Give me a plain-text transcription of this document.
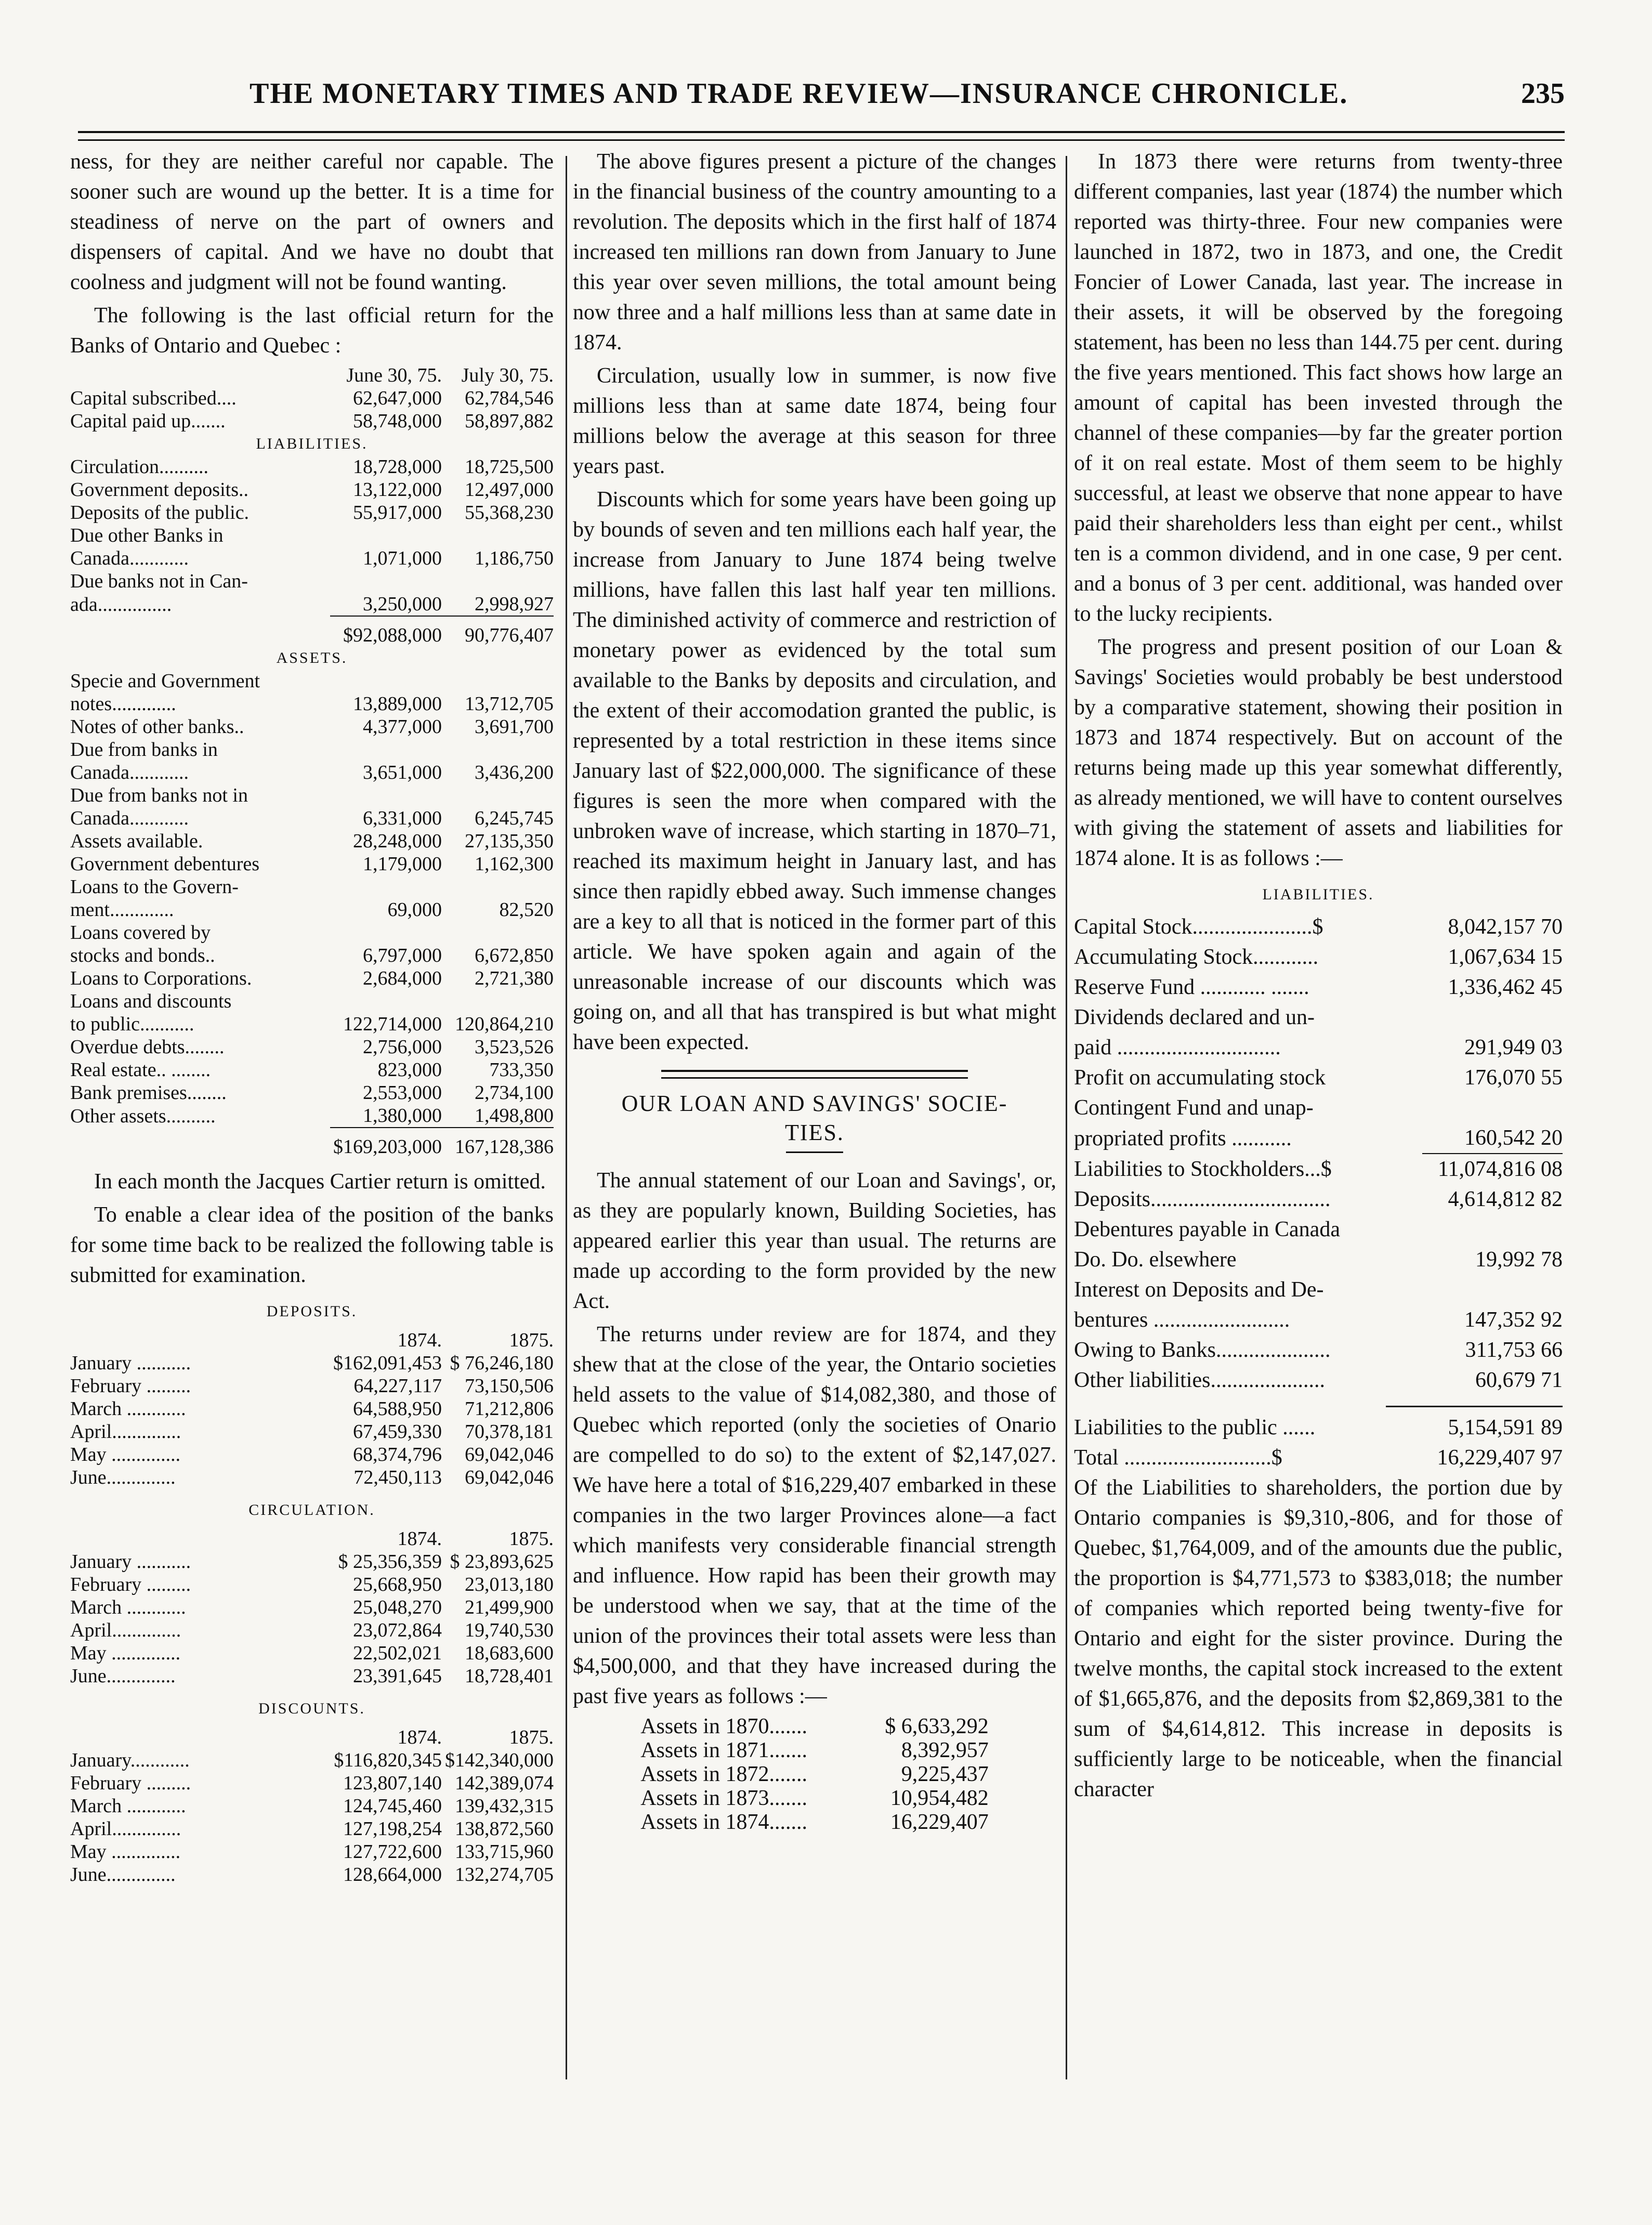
THE MONETARY TIMES AND TRADE REVIEW—INSURANCE CHRONICLE.	235

ness, for they are neither careful nor capable. The sooner such are wound up the better. It is a time for steadiness of nerve on the part of owners and dispensers of capital. And we have no doubt that coolness and judgment will not be found wanting.

The following is the last official return for the Banks of Ontario and Quebec :

	June 30, 75.	July 30, 75.
Capital subscribed....	62,647,000	62,784,546
Capital paid up.......	58,748,000	58,897,882
LIABILITIES.		
Circulation..........	18,728,000	18,725,500
Government deposits..	13,122,000	12,497,000
Deposits of the public.	55,917,000	55,368,230
Due other Banks in		
Canada............	1,071,000	1,186,750
Due banks not in Can-		
ada...............	3,250,000	2,998,927
	$92,088,000	90,776,407
ASSETS.		
Specie and Government		
notes.............	13,889,000	13,712,705
Notes of other banks..	4,377,000	3,691,700
Due from banks in		
Canada............	3,651,000	3,436,200
Due from banks not in		
Canada............	6,331,000	6,245,745
Assets available.	28,248,000	27,135,350
Government debentures	1,179,000	1,162,300
Loans to the Govern-		
ment.............	69,000	82,520
Loans covered by		
stocks and bonds..	6,797,000	6,672,850
Loans to Corporations.	2,684,000	2,721,380
Loans and discounts		
to public...........	122,714,000	120,864,210
Overdue debts........	2,756,000	3,523,526
Real estate.. ........	823,000	733,350
Bank premises........	2,553,000	2,734,100
Other assets..........	1,380,000	1,498,800
	$169,203,000	167,128,386

In each month the Jacques Cartier return is omitted.

To enable a clear idea of the position of the banks for some time back to be realized the following table is submitted for examination.

DEPOSITS.
	1874.	1875.
January ...........	$162,091,453	$ 76,246,180
February .........	64,227,117	73,150,506
March ............	64,588,950	71,212,806
April..............	67,459,330	70,378,181
May ..............	68,374,796	69,042,046
June..............	72,450,113	69,042,046
CIRCULATION.
	1874.	1875.
January ...........	$ 25,356,359	$ 23,893,625
February .........	25,668,950	23,013,180
March ............	25,048,270	21,499,900
April..............	23,072,864	19,740,530
May ..............	22,502,021	18,683,600
June..............	23,391,645	18,728,401
DISCOUNTS.
	1874.	1875.
January............	$116,820,345	$142,340,000
February .........	123,807,140	142,389,074
March ............	124,745,460	139,432,315
April..............	127,198,254	138,872,560
May ..............	127,722,600	133,715,960
June..............	128,664,000	132,274,705

The above figures present a picture of the changes in the financial business of the country amounting to a revolution. The deposits which in the first half of 1874 increased ten millions ran down from January to June this year over seven millions, the total amount being now three and a half millions less than at same date in 1874.

Circulation, usually low in summer, is now five millions less than at same date 1874, being four millions below the average at this season for three years past.

Discounts which for some years have been going up by bounds of seven and ten millions each half year, the increase from January to June 1874 being twelve millions, have fallen this last half year ten millions. The diminished activity of commerce and restriction of monetary power as evidenced by the total sum available to the Banks by deposits and circulation, and the extent of their accomodation granted the public, is represented by a total restriction in these items since January last of $22,000,000. The significance of these figures is seen the more when compared with the unbroken wave of increase, which starting in 1870–71, reached its maximum height in January last, and has since then rapidly ebbed away. Such immense changes are a key to all that is noticed in the former part of this article. We have spoken again and again of the unreasonable increase of our discounts which was going on, and all that has transpired is but what might have been expected.

OUR LOAN AND SAVINGS' SOCIE-
TIES.

The annual statement of our Loan and Savings', or, as they are popularly known, Building Societies, has appeared earlier this year than usual. The returns are made up according to the form provided by the new Act.

The returns under review are for 1874, and they shew that at the close of the year, the Ontario societies held assets to the value of $14,082,380, and those of Quebec which reported (only the societies of Onario are compelled to do so) to the extent of $2,147,027. We have here a total of $16,229,407 embarked in these companies in the two larger Provinces alone—a fact which manifests very considerable financial strength and influence. How rapid has been their growth may be understood when we say, that at the time of the union of the provinces their total assets were less than $4,500,000, and that they have increased during the past five years as follows :—

Assets in 1870.......	$ 6,633,292
Assets in 1871.......	8,392,957
Assets in 1872.......	9,225,437
Assets in 1873.......	10,954,482
Assets in 1874.......	16,229,407

In 1873 there were returns from twenty-three different companies, last year (1874) the number which reported was thirty-three. Four new companies were launched in 1872, two in 1873, and one, the Credit Foncier of Lower Canada, last year. The increase in their assets, it will be observed by the foregoing statement, has been no less than 144.75 per cent. during the five years mentioned. This fact shows how large an amount of capital has been invested through the channel of these companies—by far the greater portion of it on real estate. Most of them seem to be highly successful, at least we observe that none appear to have paid their shareholders less than eight per cent., whilst ten is a common dividend, and in one case, 9 per cent. and a bonus of 3 per cent. additional, was handed over to the lucky recipients.

The progress and present position of our Loan & Savings' Societies would probably be best understood by a comparative statement, showing their position in 1873 and 1874 respectively. But on account of the returns being made up this year somewhat differently, as already mentioned, we will have to content ourselves with giving the statement of assets and liabilities for 1874 alone. It is as follows :—

LIABILITIES.
Capital Stock......................$	8,042,157 70
Accumulating Stock............	1,067,634 15
Reserve Fund ............ .......	1,336,462 45
Dividends declared and un-	
paid ..............................	291,949 03
Profit on accumulating stock	176,070 55
Contingent Fund and unap-	
propriated profits ...........	160,542 20
Liabilities to Stockholders...$	11,074,816 08
Deposits.................................	4,614,812 82
Debentures payable in Canada	
Do. Do. elsewhere	19,992 78
Interest on Deposits and De-	
bentures .........................	147,352 92
Owing to Banks.....................	311,753 66
Other liabilities.....................	60,679 71
Liabilities to the public ......	5,154,591 89
Total ...........................$	16,229,407 97

Of the Liabilities to shareholders, the portion due by Ontario companies is $9,310,-806, and for those of Quebec, $1,764,009, and of the amounts due the public, the proportion is $4,771,573 to $383,018; the number of companies which reported being twenty-five for Ontario and eight for the sister province. During the twelve months, the capital stock increased to the extent of $1,665,876, and the deposits from $2,869,381 to the sum of $4,614,812. This increase in deposits is sufficiently large to be noticeable, when the financial character
